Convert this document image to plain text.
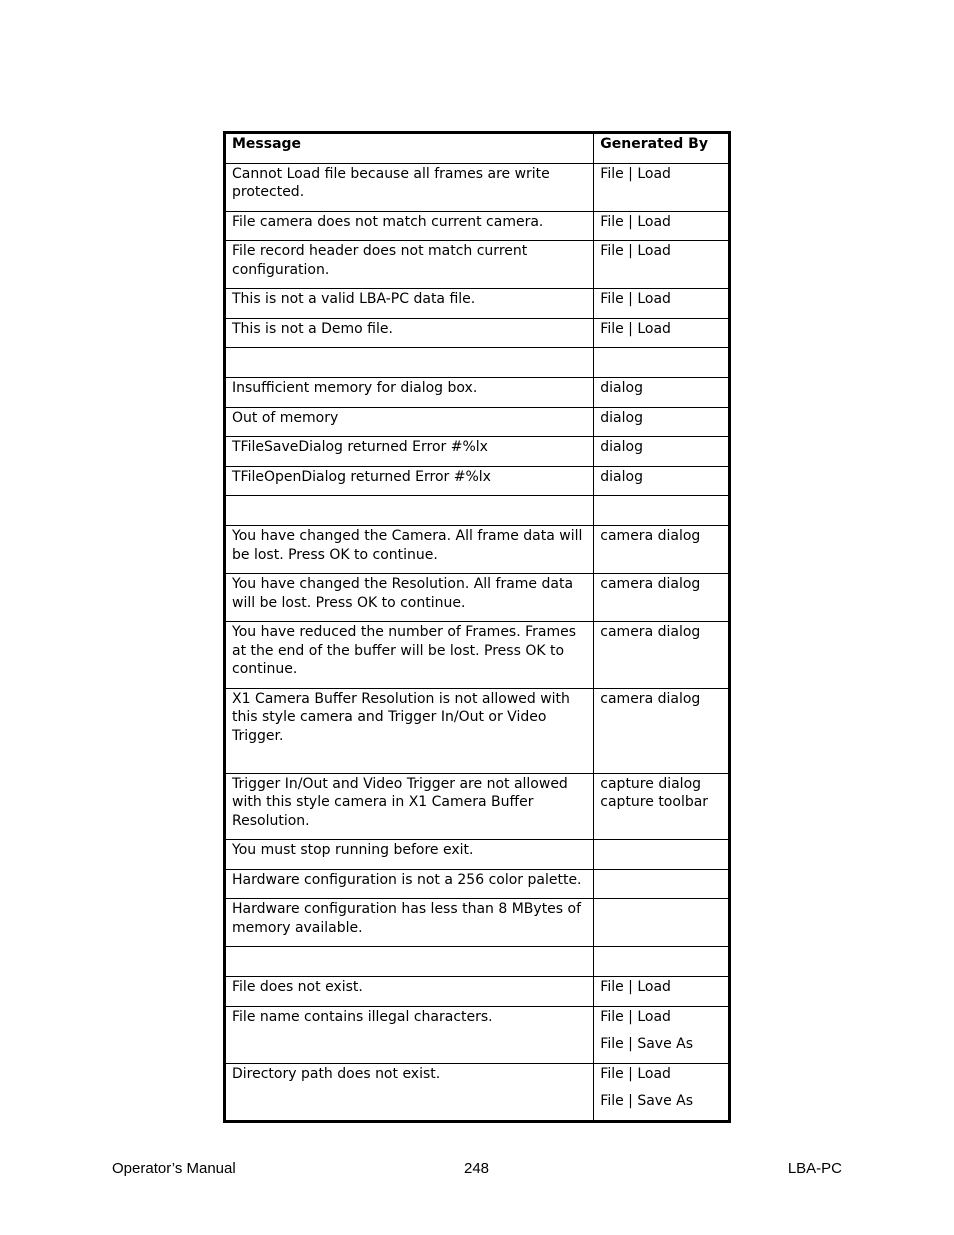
Message	Generated By
Cannot Load file because all frames are write protected.	File | Load

File camera does not match current camera.	File | Load

File record header does not match current configuration.	File | Load

This is not a valid LBA-PC data file.	File | Load

This is not a Demo file.	File | Load

Insufficient memory for dialog box.	dialog

Out of memory	dialog

TFileSaveDialog returned Error #%lx	dialog

TFileOpenDialog returned Error #%lx	dialog

You have changed the Camera. All frame data will be lost. Press OK to continue.	camera dialog

You have changed the Resolution. All frame data will be lost. Press OK to continue.	camera dialog

You have reduced the number of Frames. Frames at the end of the buffer will be lost. Press OK to continue.	camera dialog

X1 Camera Buffer Resolution is not allowed with this style camera and Trigger In/Out or Video Trigger.	camera dialog

Trigger In/Out and Video Trigger are not allowed with this style camera in X1 Camera Buffer Resolution.	capture dialog
capture toolbar

You must stop running before exit.	
Hardware configuration is not a 256 color palette.	
Hardware configuration has less than 8 MBytes of memory available.	

File does not exist.	File | Load

File name contains illegal characters.	File | Load
File | Save As

Directory path does not exist.	File | Load
File | Save As
Operator’s Manual	248	LBA-PC
